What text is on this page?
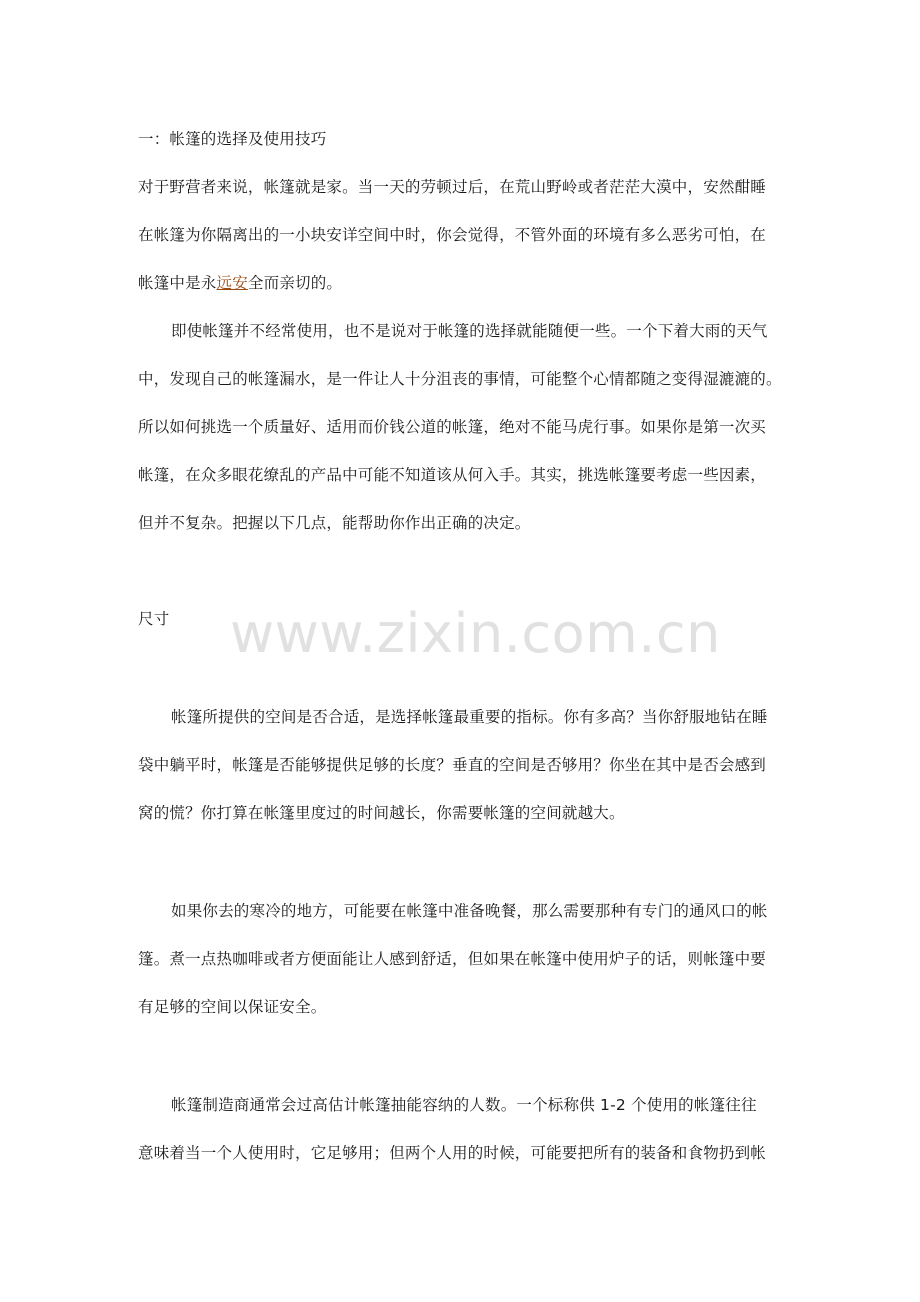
一：帐篷的选择及使用技巧
对于野营者来说，帐篷就是家。当一天的劳顿过后，在荒山野岭或者茫茫大漠中，安然酣睡
在帐篷为你隔离出的一小块安详空间中时，你会觉得，不管外面的环境有多么恶劣可怕，在
帐篷中是永远安全而亲切的。
即使帐篷并不经常使用，也不是说对于帐篷的选择就能随便一些。一个下着大雨的天气
中，发现自己的帐篷漏水，是一件让人十分沮丧的事情，可能整个心情都随之变得湿漉漉的。
所以如何挑选一个质量好、适用而价钱公道的帐篷，绝对不能马虎行事。如果你是第一次买
帐篷，在众多眼花缭乱的产品中可能不知道该从何入手。其实，挑选帐篷要考虑一些因素，
但并不复杂。把握以下几点，能帮助你作出正确的决定。
尺寸	www.zixin.com.cn
帐篷所提供的空间是否合适，是选择帐篷最重要的指标。你有多高？当你舒服地钻在睡
袋中躺平时，帐篷是否能够提供足够的长度？垂直的空间是否够用？你坐在其中是否会感到
窝的慌？你打算在帐篷里度过的时间越长，你需要帐篷的空间就越大。
如果你去的寒冷的地方，可能要在帐篷中准备晚餐，那么需要那种有专门的通风口的帐
篷。煮一点热咖啡或者方便面能让人感到舒适，但如果在帐篷中使用炉子的话，则帐篷中要
有足够的空间以保证安全。
帐篷制造商通常会过高估计帐篷抽能容纳的人数。一个标称供 1-2 个使用的帐篷往往
意味着当一个人使用时，它足够用；但两个人用的时候，可能要把所有的装备和食物扔到帐
